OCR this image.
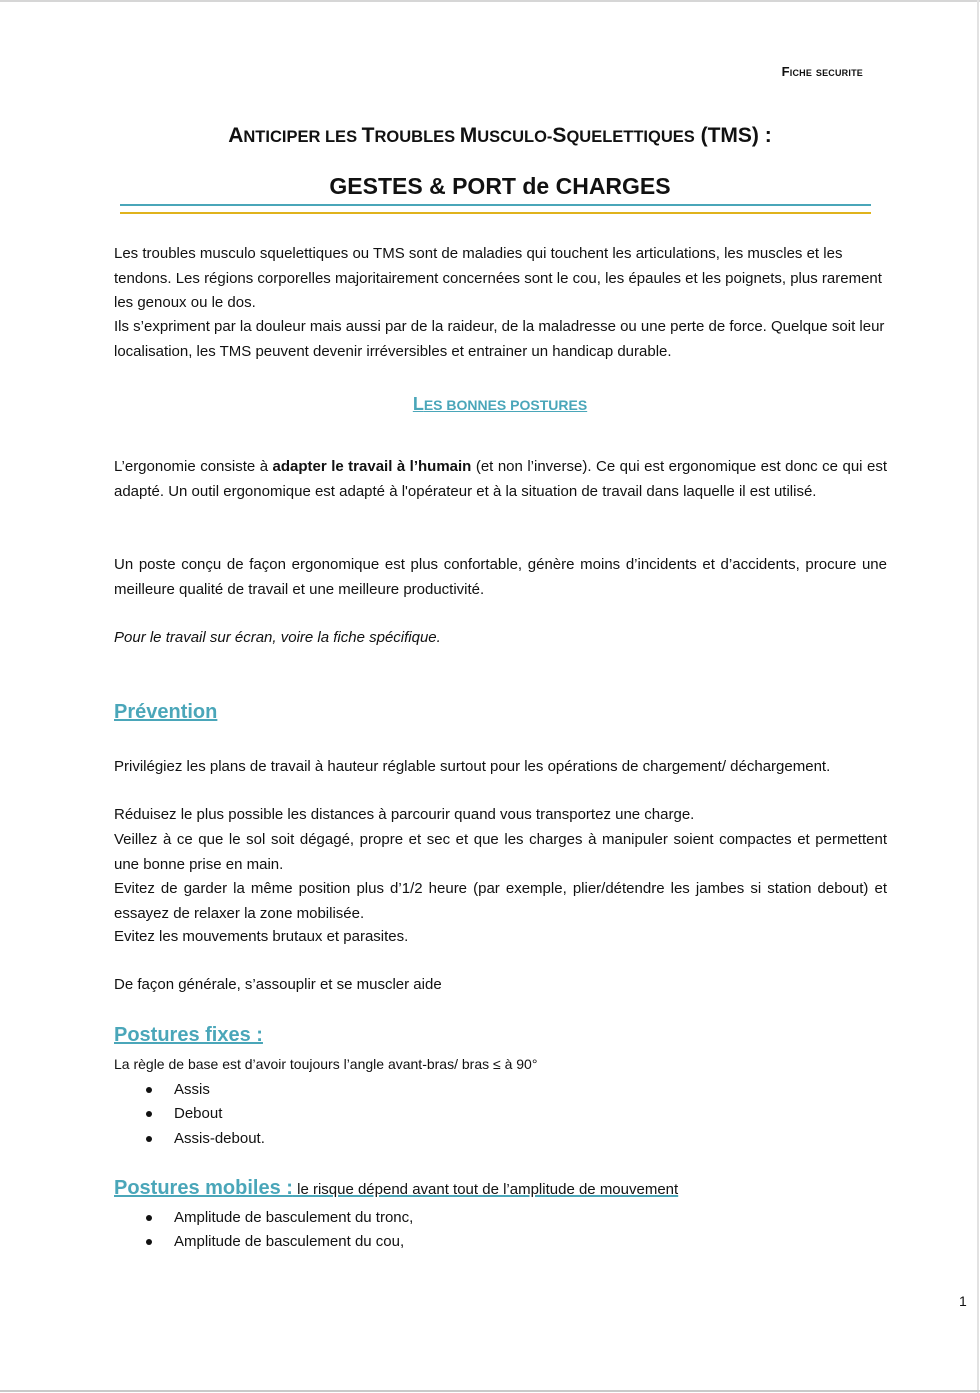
Fiche securite
ANTICIPER LES TROUBLES MUSCULO-SQUELETTIQUES (TMS) :
GESTES & PORT de CHARGES

Les troubles musculo squelettiques ou TMS sont de maladies qui touchent les articulations, les muscles et les tendons. Les régions corporelles majoritairement concernées sont le cou, les épaules et les poignets, plus rarement les genoux ou le dos.

Ils s’expriment par la douleur mais aussi par de la raideur, de la maladresse ou une perte de force. Quelque soit leur localisation, les TMS peuvent devenir irréversibles et entrainer un handicap durable.

LES BONNES POSTURES

L’ergonomie consiste à adapter le travail à l’humain (et non l’inverse). Ce qui est ergonomique est donc ce qui est adapté. Un outil ergonomique est adapté à l'opérateur et à la situation de travail dans laquelle il est utilisé.

Un poste conçu de façon ergonomique est plus confortable, génère moins d’incidents et d’accidents, procure une meilleure qualité de travail et une meilleure productivité.

Pour le travail sur écran, voire la fiche spécifique.

Prévention

Privilégiez les plans de travail à hauteur réglable surtout pour les opérations de chargement/ déchargement.

Réduisez le plus possible les distances à parcourir quand vous transportez une charge.

Veillez à ce que le sol soit dégagé, propre et sec et que les charges à manipuler soient compactes et permettent une bonne prise en main.

Evitez de garder la même position plus d’1/2 heure (par exemple, plier/détendre les jambes si station debout) et essayez de relaxer la zone mobilisée.

Evitez les mouvements brutaux et parasites.

De façon générale, s’assouplir et se muscler aide

Postures fixes :

La règle de base est d’avoir toujours l’angle avant-bras/ bras ≤ à 90°

Assis
Debout
Assis-debout.
Postures mobiles : le risque dépend avant tout de l’amplitude de mouvement
Amplitude de basculement du tronc,
Amplitude de basculement du cou,
1
